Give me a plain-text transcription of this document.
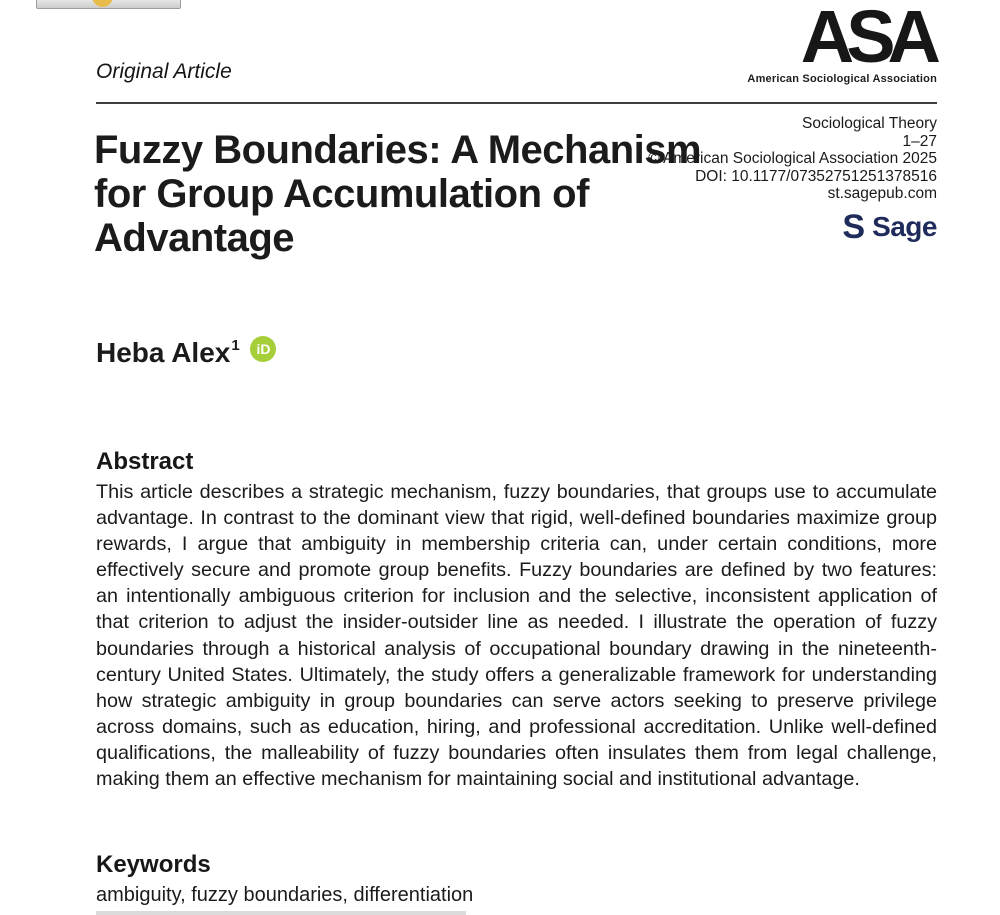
Original Article	ASA
American Sociological Association
Fuzzy Boundaries: A Mechanism for Group Accumulation of Advantage
Sociological Theory
1–27
© American Sociological Association 2025
DOI: 10.1177/07352751251378516
st.sagepub.com
S Sage
Heba Alex$^1$ iD
Abstract

This article describes a strategic mechanism, fuzzy boundaries, that groups use to accumulate advantage. In contrast to the dominant view that rigid, well-defined boundaries maximize group rewards, I argue that ambiguity in membership criteria can, under certain conditions, more effectively secure and promote group benefits. Fuzzy boundaries are defined by two features: an intentionally ambiguous criterion for inclusion and the selective, inconsistent application of that criterion to adjust the insider-outsider line as needed. I illustrate the operation of fuzzy boundaries through a historical analysis of occupational boundary drawing in the nineteenth-century United States. Ultimately, the study offers a generalizable framework for understanding how strategic ambiguity in group boundaries can serve actors seeking to preserve privilege across domains, such as education, hiring, and professional accreditation. Unlike well-defined qualifications, the malleability of fuzzy boundaries often insulates them from legal challenge, making them an effective mechanism for maintaining social and institutional advantage.

Keywords

ambiguity, fuzzy boundaries, differentiation
